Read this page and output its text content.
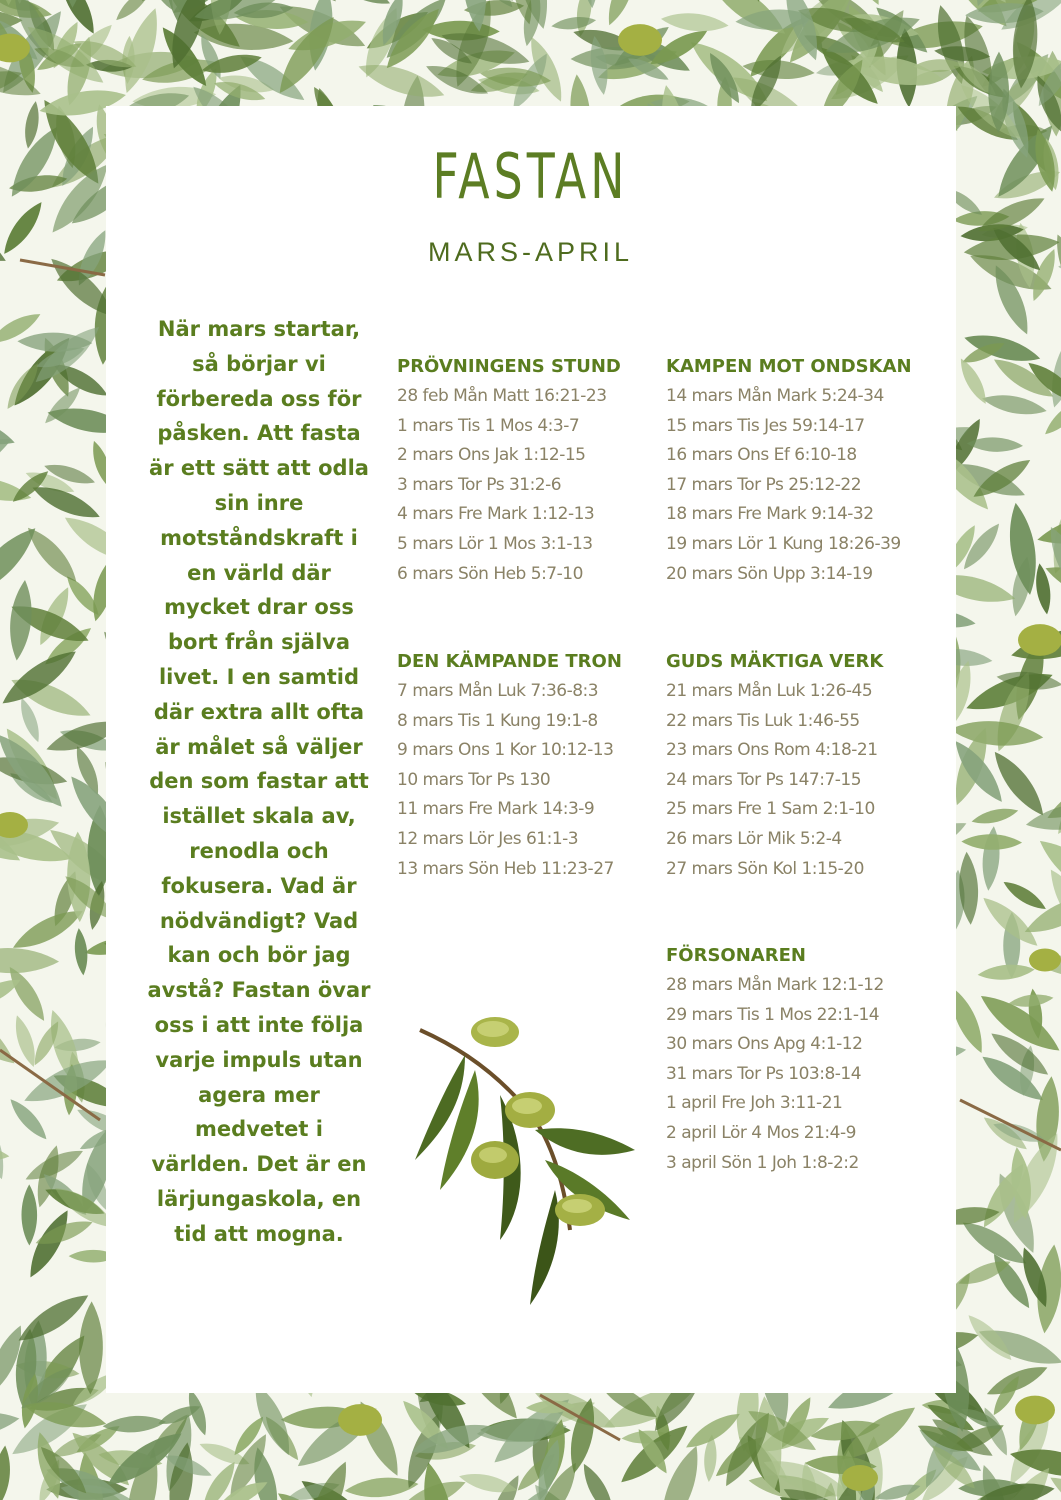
FASTAN
MARS-APRIL
När mars startar, så börjar vi förbereda oss för påsken. Att fasta är ett sätt att odla sin inre motståndskraft i en värld där mycket drar oss bort från själva livet. I en samtid där extra allt ofta är målet så väljer den som fastar att istället skala av, renodla och fokusera. Vad är nödvändigt? Vad kan och bör jag avstå? Fastan övar oss i att inte följa varje impuls utan agera mer medvetet i världen. Det är en lärjungaskola, en tid att mogna.
PRÖVNINGENS STUND
28 feb Mån Matt 16:21-23
1 mars Tis 1 Mos 4:3-7
2 mars Ons Jak 1:12-15
3 mars Tor Ps 31:2-6
4 mars Fre Mark 1:12-13
5 mars Lör 1 Mos 3:1-13
6 mars Sön Heb 5:7-10
KAMPEN MOT ONDSKAN
14 mars Mån Mark 5:24-34
15 mars Tis Jes 59:14-17
16 mars Ons Ef 6:10-18
17 mars Tor Ps 25:12-22
18 mars Fre Mark 9:14-32
19 mars Lör 1 Kung 18:26-39
20 mars Sön Upp 3:14-19
DEN KÄMPANDE TRON
7 mars Mån Luk 7:36-8:3
8 mars Tis 1 Kung 19:1-8
9 mars Ons 1 Kor 10:12-13
10 mars Tor Ps 130
11 mars Fre Mark 14:3-9
12 mars Lör Jes 61:1-3
13 mars Sön Heb 11:23-27
GUDS MÄKTIGA VERK
21 mars Mån Luk 1:26-45
22 mars Tis Luk 1:46-55
23 mars Ons Rom 4:18-21
24 mars Tor Ps 147:7-15
25 mars Fre 1 Sam 2:1-10
26 mars Lör Mik 5:2-4
27 mars Sön Kol 1:15-20
FÖRSONAREN
28 mars Mån Mark 12:1-12
29 mars Tis 1 Mos 22:1-14
30 mars Ons Apg 4:1-12
31 mars Tor Ps 103:8-14
1 april Fre Joh 3:11-21
2 april Lör 4 Mos 21:4-9
3 april Sön 1 Joh 1:8-2:2
